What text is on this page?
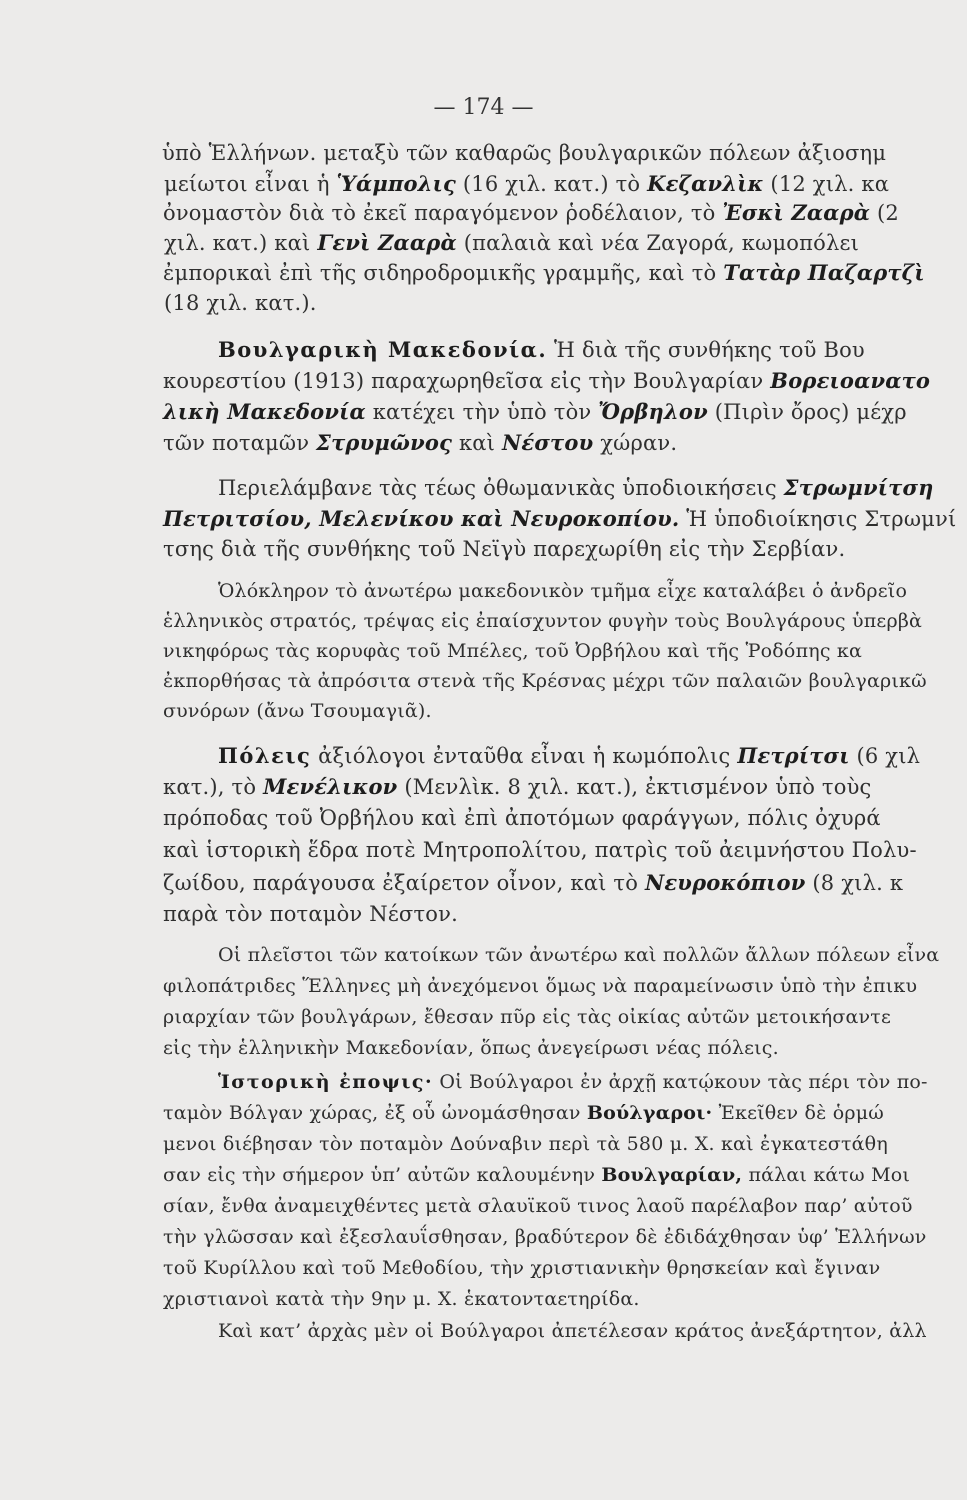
— 174 —
ὑπὸ Ἑλλήνων. μεταξὺ τῶν καθαρῶς βουλγαρικῶν πόλεων ἀξιοσημ
μείωτοι εἶναι ἡ Ὑάμπολις (16 χιλ. κατ.) τὸ Κεζανλὶκ (12 χιλ. κα
ὀνομαστὸν διὰ τὸ ἐκεῖ παραγόμενον ῥοδέλαιον, τὸ Ἐσκὶ Ζααρὰ (2
χιλ. κατ.) καὶ Γενὶ Ζααρὰ (παλαιὰ καὶ νέα Ζαγορά, κωμοπόλει
ἐμπορικαὶ ἐπὶ τῆς σιδηροδρομικῆς γραμμῆς, καὶ τὸ Τατὰρ Παζαρτζὶ
(18 χιλ. κατ.).
Βουλγαρικὴ Μακεδονία. Ἡ διὰ τῆς συνθήκης τοῦ Βου
κουρεστίου (1913) παραχωρηθεῖσα εἰς τὴν Βουλγαρίαν Βορειοανατο
λικὴ Μακεδονία κατέχει τὴν ὑπὸ τὸν Ὄρβηλον (Πιρὶν ὄρος) μέχρ
τῶν ποταμῶν Στρυμῶνος καὶ Νέστου χώραν.
Περιελάμβανε τὰς τέως ὀθωμανικὰς ὑποδιοικήσεις Στρωμνίτση
Πετριτσίου, Μελενίκου καὶ Νευροκοπίου. Ἡ ὑποδιοίκησις Στρωμνί
τσης διὰ τῆς συνθήκης τοῦ Νεϊγὺ παρεχωρίθη εἰς τὴν Σερβίαν.
Ὁλόκληρον τὸ ἀνωτέρω μακεδονικὸν τμῆμα εἶχε καταλάβει ὁ ἀνδρεῖο
ἑλληνικὸς στρατός, τρέψας εἰς ἐπαίσχυντον φυγὴν τοὺς Βουλγάρους ὑπερβὰ
νικηφόρως τὰς κορυφὰς τοῦ Μπέλες, τοῦ Ὀρβήλου καὶ τῆς Ῥοδόπης κα
ἐκπορθήσας τὰ ἀπρόσιτα στενὰ τῆς Κρέσνας μέχρι τῶν παλαιῶν βουλγαρικῶ
συνόρων (ἄνω Τσουμαγιᾶ).
Πόλεις ἀξιόλογοι ἐνταῦθα εἶναι ἡ κωμόπολις Πετρίτσι (6 χιλ
κατ.), τὸ Μενέλικον (Μενλὶκ. 8 χιλ. κατ.), ἐκτισμένον ὑπὸ τοὺς
πρόποδας τοῦ Ὀρβήλου καὶ ἐπὶ ἀποτόμων φαράγγων, πόλις ὀχυρά
καὶ ἱστορικὴ ἕδρα ποτὲ Μητροπολίτου, πατρὶς τοῦ ἀειμνήστου Πολυ-
ζωίδου, παράγουσα ἐξαίρετον οἶνον, καὶ τὸ Νευροκόπιον (8 χιλ. κ
παρὰ τὸν ποταμὸν Νέστον.
Οἱ πλεῖστοι τῶν κατοίκων τῶν ἀνωτέρω καὶ πολλῶν ἄλλων πόλεων εἶνα
φιλοπάτριδες Ἕλληνες μὴ ἀνεχόμενοι ὅμως νὰ παραμείνωσιν ὑπὸ τὴν ἐπικυ
ριαρχίαν τῶν βουλγάρων, ἔθεσαν πῦρ εἰς τὰς οἰκίας αὐτῶν μετοικήσαντε
εἰς τὴν ἑλληνικὴν Μακεδονίαν, ὅπως ἀνεγείρωσι νέας πόλεις.
Ἱστορικὴ ἐποψις· Οἱ Βούλγαροι ἐν ἀρχῇ κατῴκουν τὰς πέρι τὸν πο-
ταμὸν Βόλγαν χώρας, ἐξ οὗ ὠνομάσθησαν Βούλγαροι· Ἐκεῖθεν δὲ ὁρμώ
μενοι διέβησαν τὸν ποταμὸν Δούναβιν περὶ τὰ 580 μ. Χ. καὶ ἐγκατεστάθη
σαν εἰς τὴν σήμερον ὑπ’ αὐτῶν καλουμένην Βουλγαρίαν, πάλαι κάτω Μοι
σίαν, ἔνθα ἀναμειχθέντες μετὰ σλαυϊκοῦ τινος λαοῦ παρέλαβον παρ’ αὐτοῦ
τὴν γλῶσσαν καὶ ἐξεσλαυΐσθησαν, βραδύτερον δὲ ἐδιδάχθησαν ὑφ’ Ἑλλήνων
τοῦ Κυρίλλου καὶ τοῦ Μεθοδίου, τὴν χριστιανικὴν θρησκείαν καὶ ἔγιναν
χριστιανοὶ κατὰ τὴν 9ην μ. Χ. ἑκατονταετηρίδα.
Καὶ κατ’ ἀρχὰς μὲν οἱ Βούλγαροι ἀπετέλεσαν κράτος ἀνεξάρτητον, ἀλλ
